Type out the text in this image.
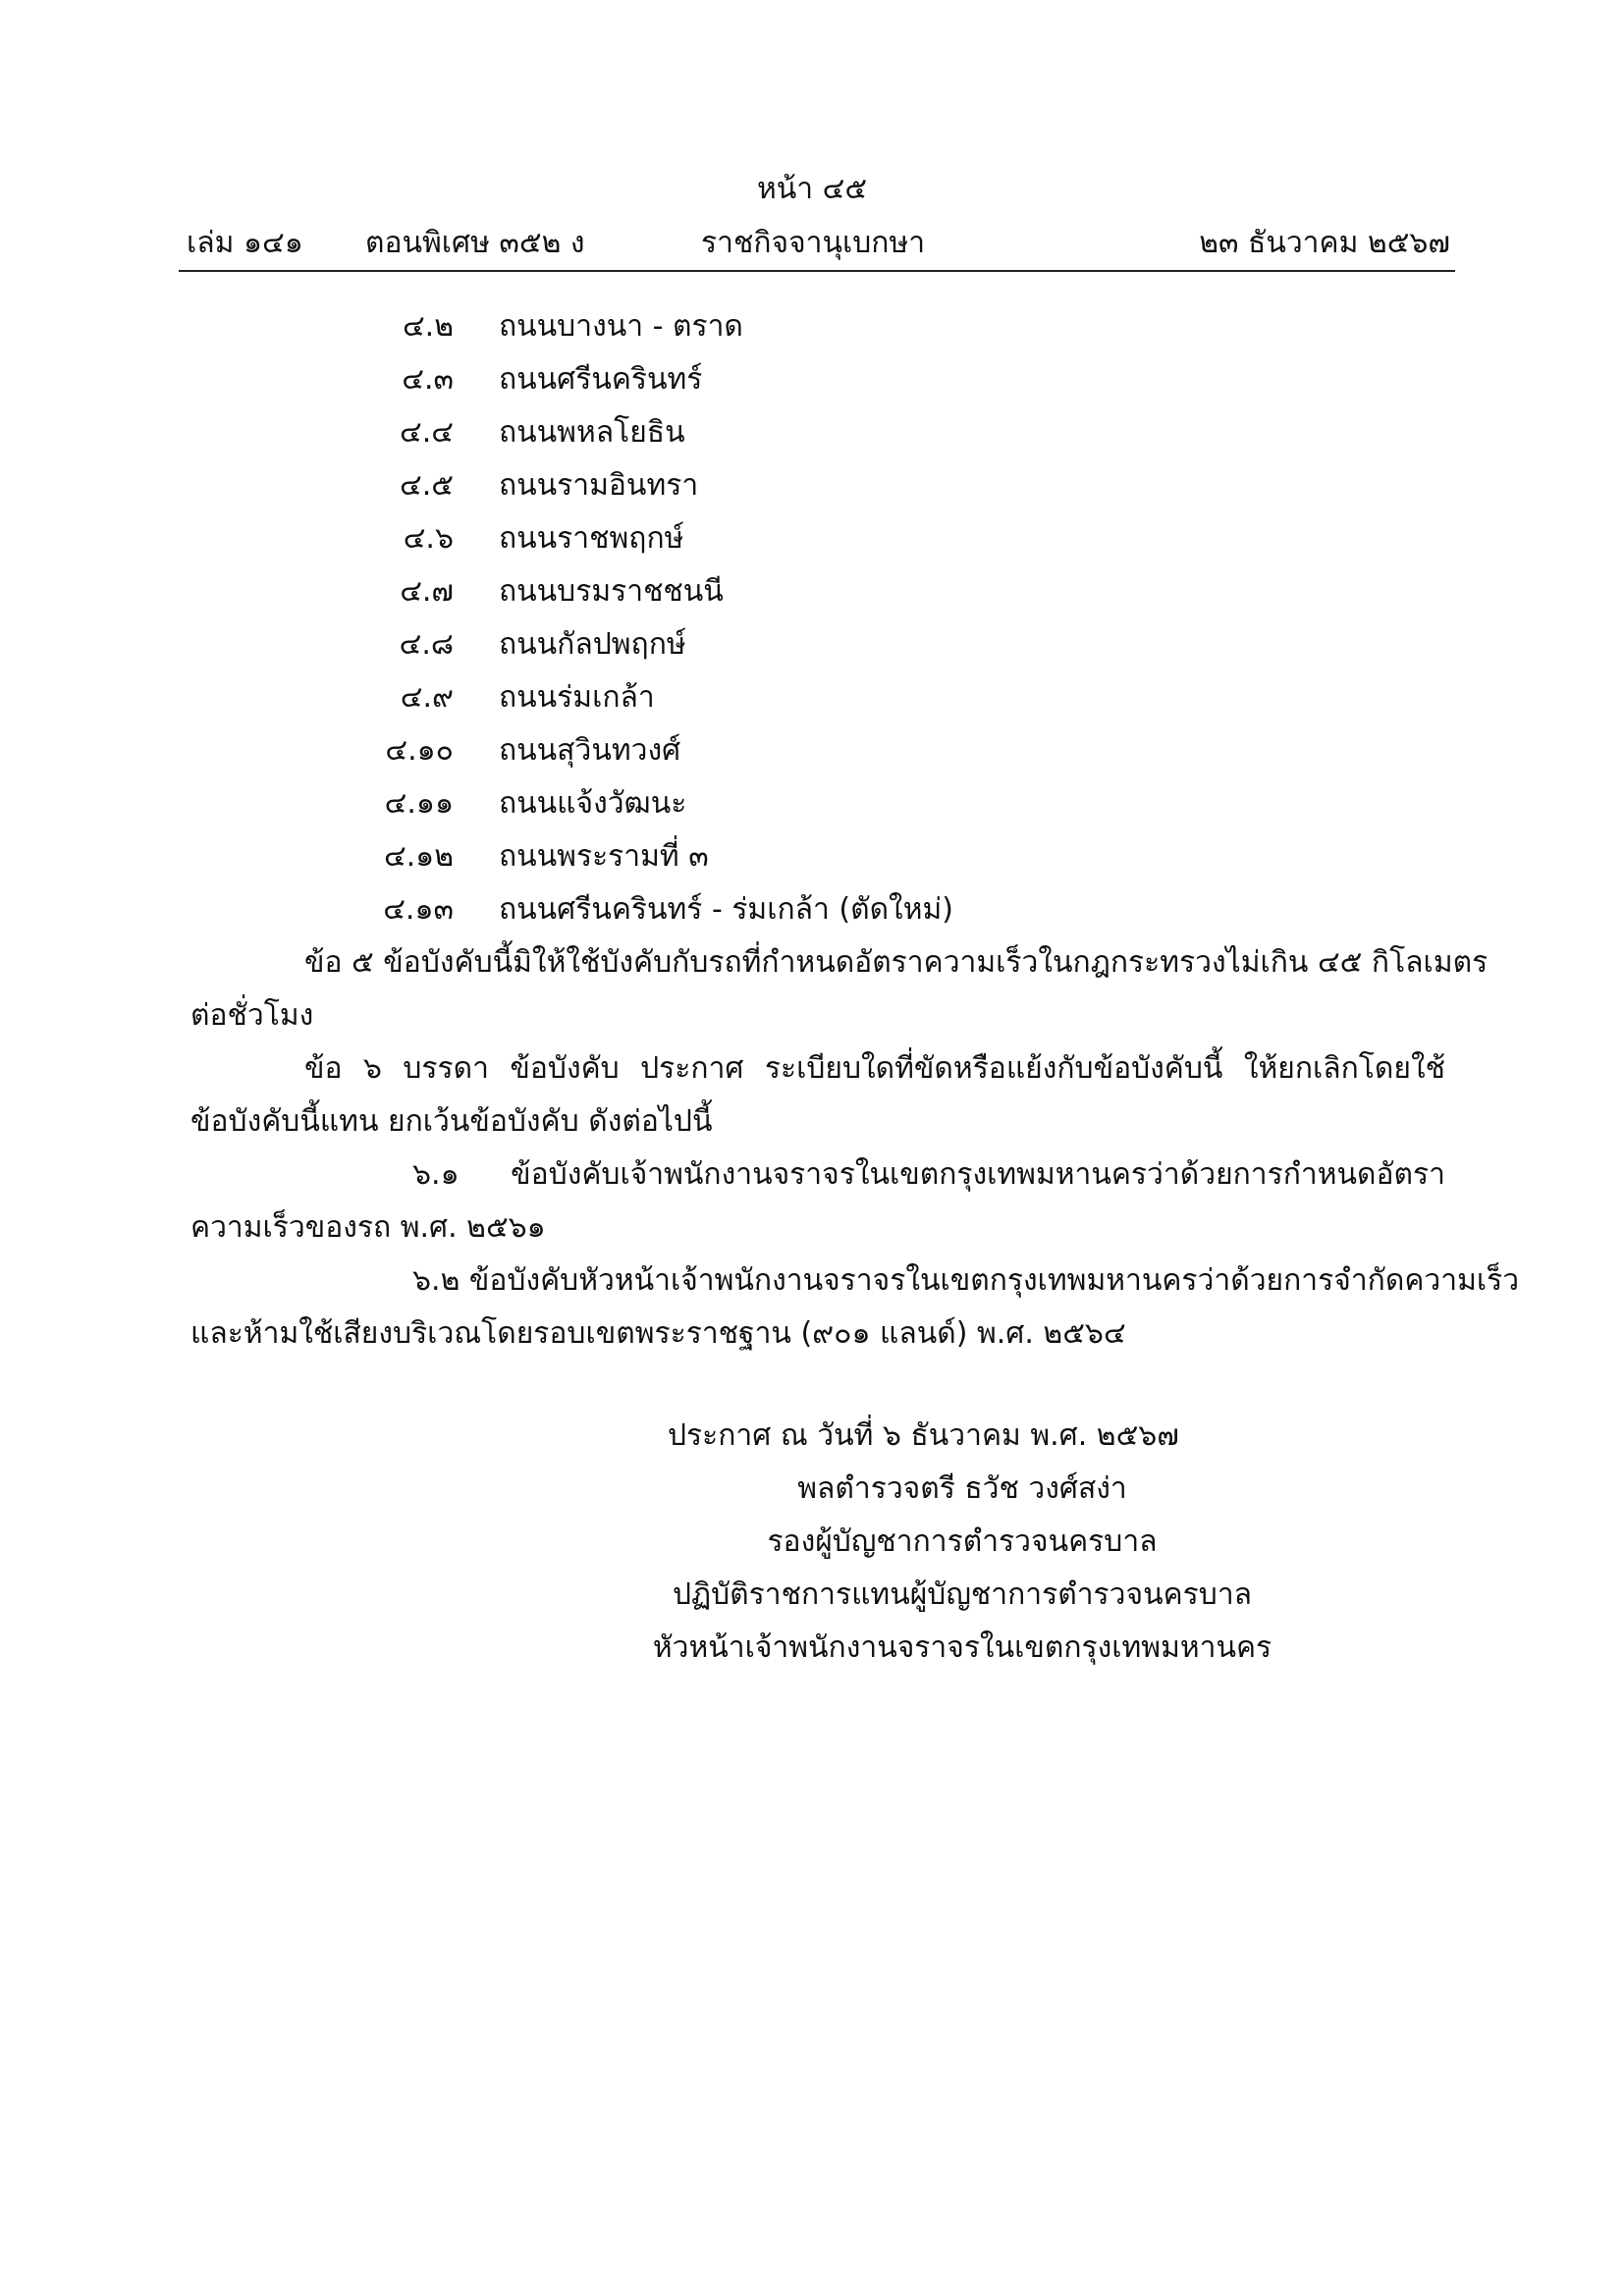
หน้า ๔๕
เล่ม ๑๔๑ ตอนพิเศษ ๓๕๒ ง	ราชกิจจานุเบกษา	๒๓ ธันวาคม ๒๕๖๗
๔.๒ ถนนบางนา - ตราด
๔.๓ ถนนศรีนครินทร์
๔.๔ ถนนพหลโยธิน
๔.๕ ถนนรามอินทรา
๔.๖ ถนนราชพฤกษ์
๔.๗ ถนนบรมราชชนนี
๔.๘ ถนนกัลปพฤกษ์
๔.๙ ถนนร่มเกล้า
๔.๑๐ ถนนสุวินทวงศ์
๔.๑๑ ถนนแจ้งวัฒนะ
๔.๑๒ ถนนพระรามที่ ๓
๔.๑๓ ถนนศรีนครินทร์ - ร่มเกล้า (ตัดใหม่)
ข้อ ๕ ข้อบังคับนี้มิให้ใช้บังคับกับรถที่กำหนดอัตราความเร็วในกฎกระทรวงไม่เกิน ๔๕ กิโลเมตร
ต่อชั่วโมง
ข้อ ๖ บรรดา ข้อบังคับ ประกาศ ระเบียบใดที่ขัดหรือแย้งกับข้อบังคับนี้ ให้ยกเลิกโดยใช้
ข้อบังคับนี้แทน ยกเว้นข้อบังคับ ดังต่อไปนี้
๖.๑ ข้อบังคับเจ้าพนักงานจราจรในเขตกรุงเทพมหานครว่าด้วยการกำหนดอัตรา
ความเร็วของรถ พ.ศ. ๒๕๖๑
๖.๒ ข้อบังคับหัวหน้าเจ้าพนักงานจราจรในเขตกรุงเทพมหานครว่าด้วยการจำกัดความเร็ว
และห้ามใช้เสียงบริเวณโดยรอบเขตพระราชฐาน (๙๐๑ แลนด์) พ.ศ. ๒๕๖๔
ประกาศ ณ วันที่ ๖ ธันวาคม พ.ศ. ๒๕๖๗
พลตำรวจตรี ธวัช วงศ์สง่า
รองผู้บัญชาการตำรวจนครบาล
ปฏิบัติราชการแทนผู้บัญชาการตำรวจนครบาล
หัวหน้าเจ้าพนักงานจราจรในเขตกรุงเทพมหานคร
